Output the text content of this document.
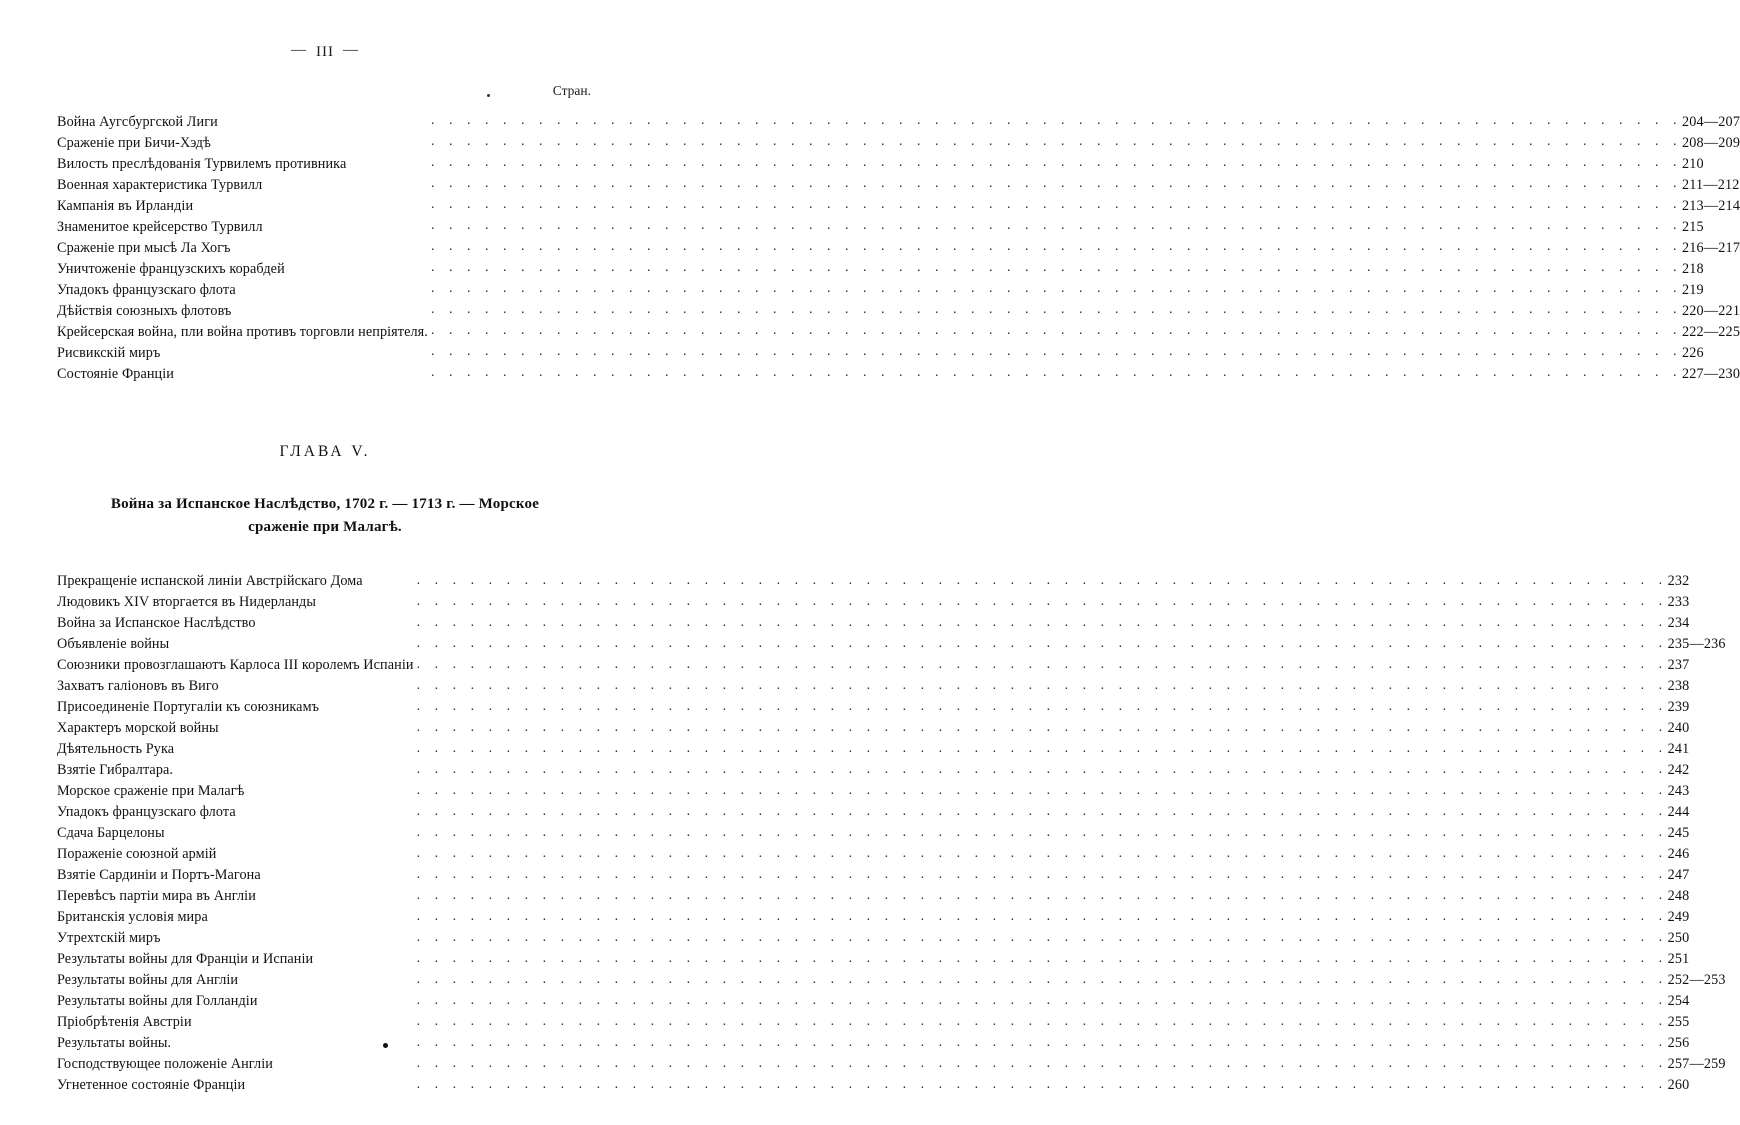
— III —
Стран.
Война Аугсбургской Лиги	. . . . . . . . . . . . . . . . . . . . . . . . . . . . . . . . . . . . . . . . . . . . . . . . . . . . . . . . . . . . . . . . . . . . . .	204—207
Сраженіе при Бичи-Хэдѣ	. . . . . . . . . . . . . . . . . . . . . . . . . . . . . . . . . . . . . . . . . . . . . . . . . . . . . . . . . . . . . . . . . . . . . .	208—209
Вилость преслѣдованія Турвилемъ противника	. . . . . . . . . . . . . . . . . . . . . . . . . . . . . . . . . . . . . . . . . . . . . . . . . . . . . . . . . . . . . . . . . . . . . .	210
Военная характеристика Турвилл	. . . . . . . . . . . . . . . . . . . . . . . . . . . . . . . . . . . . . . . . . . . . . . . . . . . . . . . . . . . . . . . . . . . . . .	211—212
Кампанія въ Ирландіи	. . . . . . . . . . . . . . . . . . . . . . . . . . . . . . . . . . . . . . . . . . . . . . . . . . . . . . . . . . . . . . . . . . . . . .	213—214
Знаменитое крейсерство Турвилл	. . . . . . . . . . . . . . . . . . . . . . . . . . . . . . . . . . . . . . . . . . . . . . . . . . . . . . . . . . . . . . . . . . . . . .	215
Сраженіе при мысѣ Ла Хогъ	. . . . . . . . . . . . . . . . . . . . . . . . . . . . . . . . . . . . . . . . . . . . . . . . . . . . . . . . . . . . . . . . . . . . . .	216—217
Уничтоженіе французскихъ корабдей	. . . . . . . . . . . . . . . . . . . . . . . . . . . . . . . . . . . . . . . . . . . . . . . . . . . . . . . . . . . . . . . . . . . . . .	218
Упадокъ французскаго флота	. . . . . . . . . . . . . . . . . . . . . . . . . . . . . . . . . . . . . . . . . . . . . . . . . . . . . . . . . . . . . . . . . . . . . .	219
Дѣйствія союзныхъ флотовъ	. . . . . . . . . . . . . . . . . . . . . . . . . . . . . . . . . . . . . . . . . . . . . . . . . . . . . . . . . . . . . . . . . . . . . .	220—221
Крейсерская война, пли война противъ торговли непріятеля.	. . . . . . . . . . . . . . . . . . . . . . . . . . . . . . . . . . . . . . . . . . . . . . . . . . . . . . . . . . . . . . . . . . . . . .	222—225
Рисвикскій миръ	. . . . . . . . . . . . . . . . . . . . . . . . . . . . . . . . . . . . . . . . . . . . . . . . . . . . . . . . . . . . . . . . . . . . . .	226
Состояніе Франціи	. . . . . . . . . . . . . . . . . . . . . . . . . . . . . . . . . . . . . . . . . . . . . . . . . . . . . . . . . . . . . . . . . . . . . .	227—230
ГЛАВА V.
Война за Испанское Наслѣдство, 1702 г. — 1713 г. — Морское
сраженіе при Малагѣ.
Прекращеніе испанской линіи Австрійскаго Дома	. . . . . . . . . . . . . . . . . . . . . . . . . . . . . . . . . . . . . . . . . . . . . . . . . . . . . . . . . . . . . . . . . . . . . .	232
Людовикъ XIV вторгается въ Нидерланды	. . . . . . . . . . . . . . . . . . . . . . . . . . . . . . . . . . . . . . . . . . . . . . . . . . . . . . . . . . . . . . . . . . . . . .	233
Война за Испанское Наслѣдство	. . . . . . . . . . . . . . . . . . . . . . . . . . . . . . . . . . . . . . . . . . . . . . . . . . . . . . . . . . . . . . . . . . . . . .	234
Объявленіе войны	. . . . . . . . . . . . . . . . . . . . . . . . . . . . . . . . . . . . . . . . . . . . . . . . . . . . . . . . . . . . . . . . . . . . . .	235—236
Союзники провозглашаютъ Карлоса III королемъ Испаніи	. . . . . . . . . . . . . . . . . . . . . . . . . . . . . . . . . . . . . . . . . . . . . . . . . . . . . . . . . . . . . . . . . . . . . .	237
Захватъ галіоновъ въ Виго	. . . . . . . . . . . . . . . . . . . . . . . . . . . . . . . . . . . . . . . . . . . . . . . . . . . . . . . . . . . . . . . . . . . . . .	238
Присоединеніе Португаліи къ союзникамъ	. . . . . . . . . . . . . . . . . . . . . . . . . . . . . . . . . . . . . . . . . . . . . . . . . . . . . . . . . . . . . . . . . . . . . .	239
Характеръ морской войны	. . . . . . . . . . . . . . . . . . . . . . . . . . . . . . . . . . . . . . . . . . . . . . . . . . . . . . . . . . . . . . . . . . . . . .	240
Дѣятельность Рука	. . . . . . . . . . . . . . . . . . . . . . . . . . . . . . . . . . . . . . . . . . . . . . . . . . . . . . . . . . . . . . . . . . . . . .	241
Взятіе Гибралтара.	. . . . . . . . . . . . . . . . . . . . . . . . . . . . . . . . . . . . . . . . . . . . . . . . . . . . . . . . . . . . . . . . . . . . . .	242
Морское сраженіе при Малагѣ	. . . . . . . . . . . . . . . . . . . . . . . . . . . . . . . . . . . . . . . . . . . . . . . . . . . . . . . . . . . . . . . . . . . . . .	243
Упадокъ французскаго флота	. . . . . . . . . . . . . . . . . . . . . . . . . . . . . . . . . . . . . . . . . . . . . . . . . . . . . . . . . . . . . . . . . . . . . .	244
Сдача Барцелоны	. . . . . . . . . . . . . . . . . . . . . . . . . . . . . . . . . . . . . . . . . . . . . . . . . . . . . . . . . . . . . . . . . . . . . .	245
Пораженіе союзной армій	. . . . . . . . . . . . . . . . . . . . . . . . . . . . . . . . . . . . . . . . . . . . . . . . . . . . . . . . . . . . . . . . . . . . . .	246
Взятіе Сардиніи и Портъ-Магона	. . . . . . . . . . . . . . . . . . . . . . . . . . . . . . . . . . . . . . . . . . . . . . . . . . . . . . . . . . . . . . . . . . . . . .	247
Перевѣсъ партіи мира въ Англіи	. . . . . . . . . . . . . . . . . . . . . . . . . . . . . . . . . . . . . . . . . . . . . . . . . . . . . . . . . . . . . . . . . . . . . .	248
Британскія условія мира	. . . . . . . . . . . . . . . . . . . . . . . . . . . . . . . . . . . . . . . . . . . . . . . . . . . . . . . . . . . . . . . . . . . . . .	249
Утрехтскій миръ	. . . . . . . . . . . . . . . . . . . . . . . . . . . . . . . . . . . . . . . . . . . . . . . . . . . . . . . . . . . . . . . . . . . . . .	250
Результаты войны для Франціи и Испаніи	. . . . . . . . . . . . . . . . . . . . . . . . . . . . . . . . . . . . . . . . . . . . . . . . . . . . . . . . . . . . . . . . . . . . . .	251
Результаты войны для Англіи	. . . . . . . . . . . . . . . . . . . . . . . . . . . . . . . . . . . . . . . . . . . . . . . . . . . . . . . . . . . . . . . . . . . . . .	252—253
Результаты войны для Голландіи	. . . . . . . . . . . . . . . . . . . . . . . . . . . . . . . . . . . . . . . . . . . . . . . . . . . . . . . . . . . . . . . . . . . . . .	254
Пріобрѣтенія Австріи	. . . . . . . . . . . . . . . . . . . . . . . . . . . . . . . . . . . . . . . . . . . . . . . . . . . . . . . . . . . . . . . . . . . . . .	255
Результаты войны.	. . . . . . . . . . . . . . . . . . . . . . . . . . . . . . . . . . . . . . . . . . . . . . . . . . . . . . . . . . . . . . . . . . . . . .	256
Господствующее положеніе Англіи	. . . . . . . . . . . . . . . . . . . . . . . . . . . . . . . . . . . . . . . . . . . . . . . . . . . . . . . . . . . . . . . . . . . . . .	257—259
Угнетенное состояніе Франціи	. . . . . . . . . . . . . . . . . . . . . . . . . . . . . . . . . . . . . . . . . . . . . . . . . . . . . . . . . . . . . . . . . . . . . .	260
